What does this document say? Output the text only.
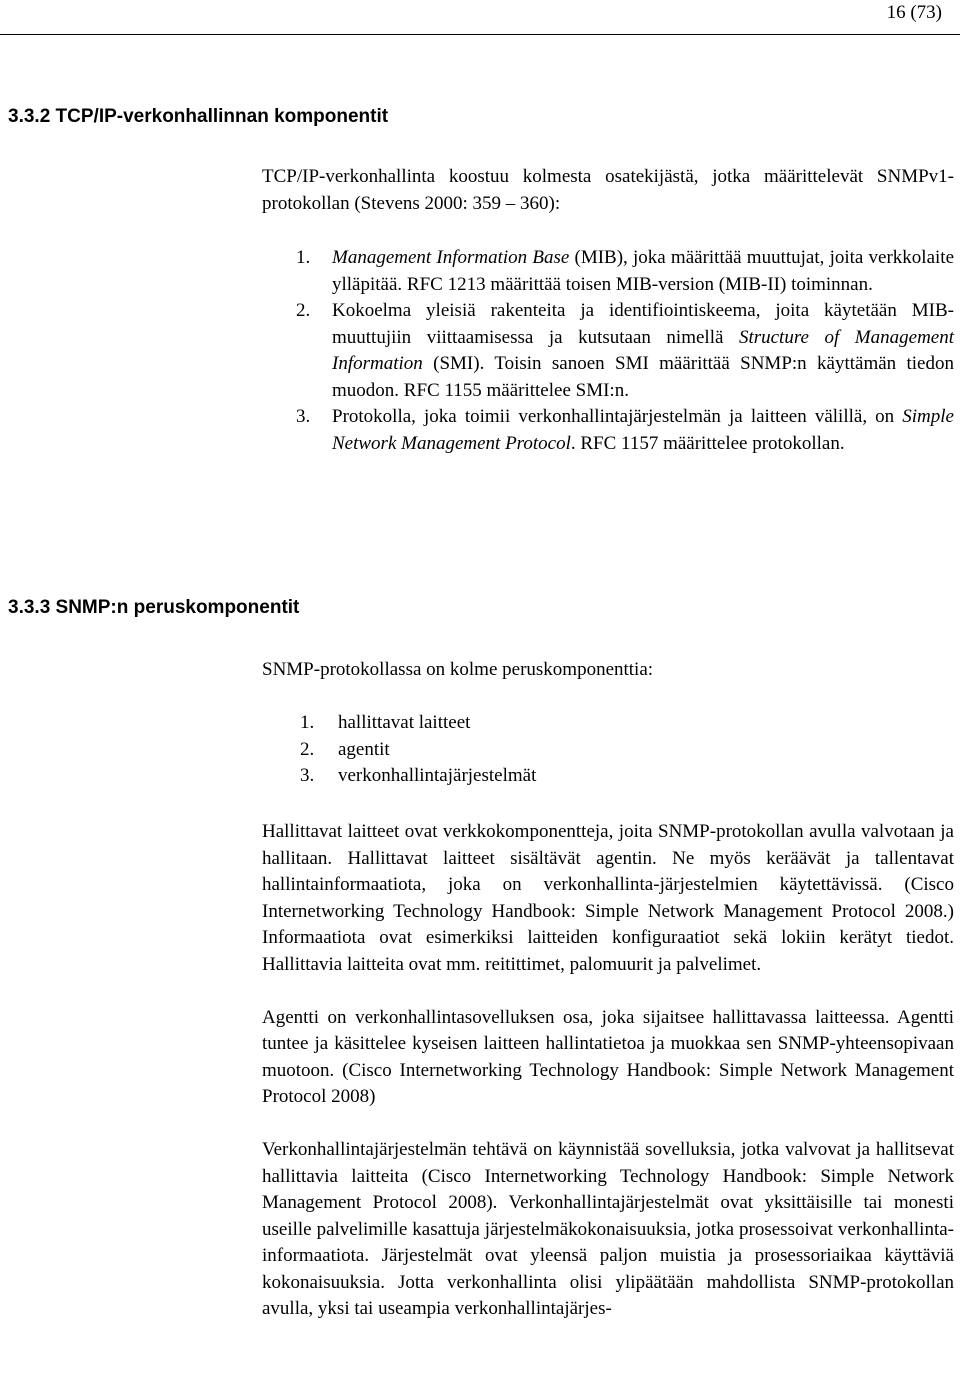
16 (73)
3.3.2 TCP/IP-verkonhallinnan komponentit

TCP/IP-verkonhallinta koostuu kolmesta osatekijästä, jotka määrittelevät SNMPv1-protokollan (Stevens 2000: 359 – 360):

1. Management Information Base (MIB), joka määrittää muuttujat, joita verkkolaite ylläpitää. RFC 1213 määrittää toisen MIB-version (MIB-II) toiminnan.
2. Kokoelma yleisiä rakenteita ja identifiointiskeema, joita käytetään MIB-muuttujiin viittaamisessa ja kutsutaan nimellä Structure of Management Information (SMI). Toisin sanoen SMI määrittää SNMP:n käyttämän tiedon muodon. RFC 1155 määrittelee SMI:n.
3. Protokolla, joka toimii verkonhallintajärjestelmän ja laitteen välillä, on Simple Network Management Protocol. RFC 1157 määrittelee protokollan.
3.3.3 SNMP:n peruskomponentit

SNMP-protokollassa on kolme peruskomponenttia:

1. hallittavat laitteet
2. agentit
3. verkonhallintajärjestelmät

Hallittavat laitteet ovat verkkokomponentteja, joita SNMP-protokollan avulla valvotaan ja hallitaan. Hallittavat laitteet sisältävät agentin. Ne myös keräävät ja tallentavat hallintainformaatiota, joka on verkonhallinta-järjestelmien käytettävissä. (Cisco Internetworking Technology Handbook: Simple Network Management Protocol 2008.) Informaatiota ovat esimerkiksi laitteiden konfiguraatiot sekä lokiin kerätyt tiedot. Hallittavia laitteita ovat mm. reitittimet, palomuurit ja palvelimet.

Agentti on verkonhallintasovelluksen osa, joka sijaitsee hallittavassa laitteessa. Agentti tuntee ja käsittelee kyseisen laitteen hallintatietoa ja muokkaa sen SNMP-yhteensopivaan muotoon. (Cisco Internetworking Technology Handbook: Simple Network Management Protocol 2008)

Verkonhallintajärjestelmän tehtävä on käynnistää sovelluksia, jotka valvovat ja hallitsevat hallittavia laitteita (Cisco Internetworking Technology Handbook: Simple Network Management Protocol 2008). Verkonhallintajärjestelmät ovat yksittäisille tai monesti useille palvelimille kasattuja järjestelmäkokonaisuuksia, jotka prosessoivat verkonhallinta-informaatiota. Järjestelmät ovat yleensä paljon muistia ja prosessoriaikaa käyttäviä kokonaisuuksia. Jotta verkonhallinta olisi ylipäätään mahdollista SNMP-protokollan avulla, yksi tai useampia verkonhallintajärjes-
